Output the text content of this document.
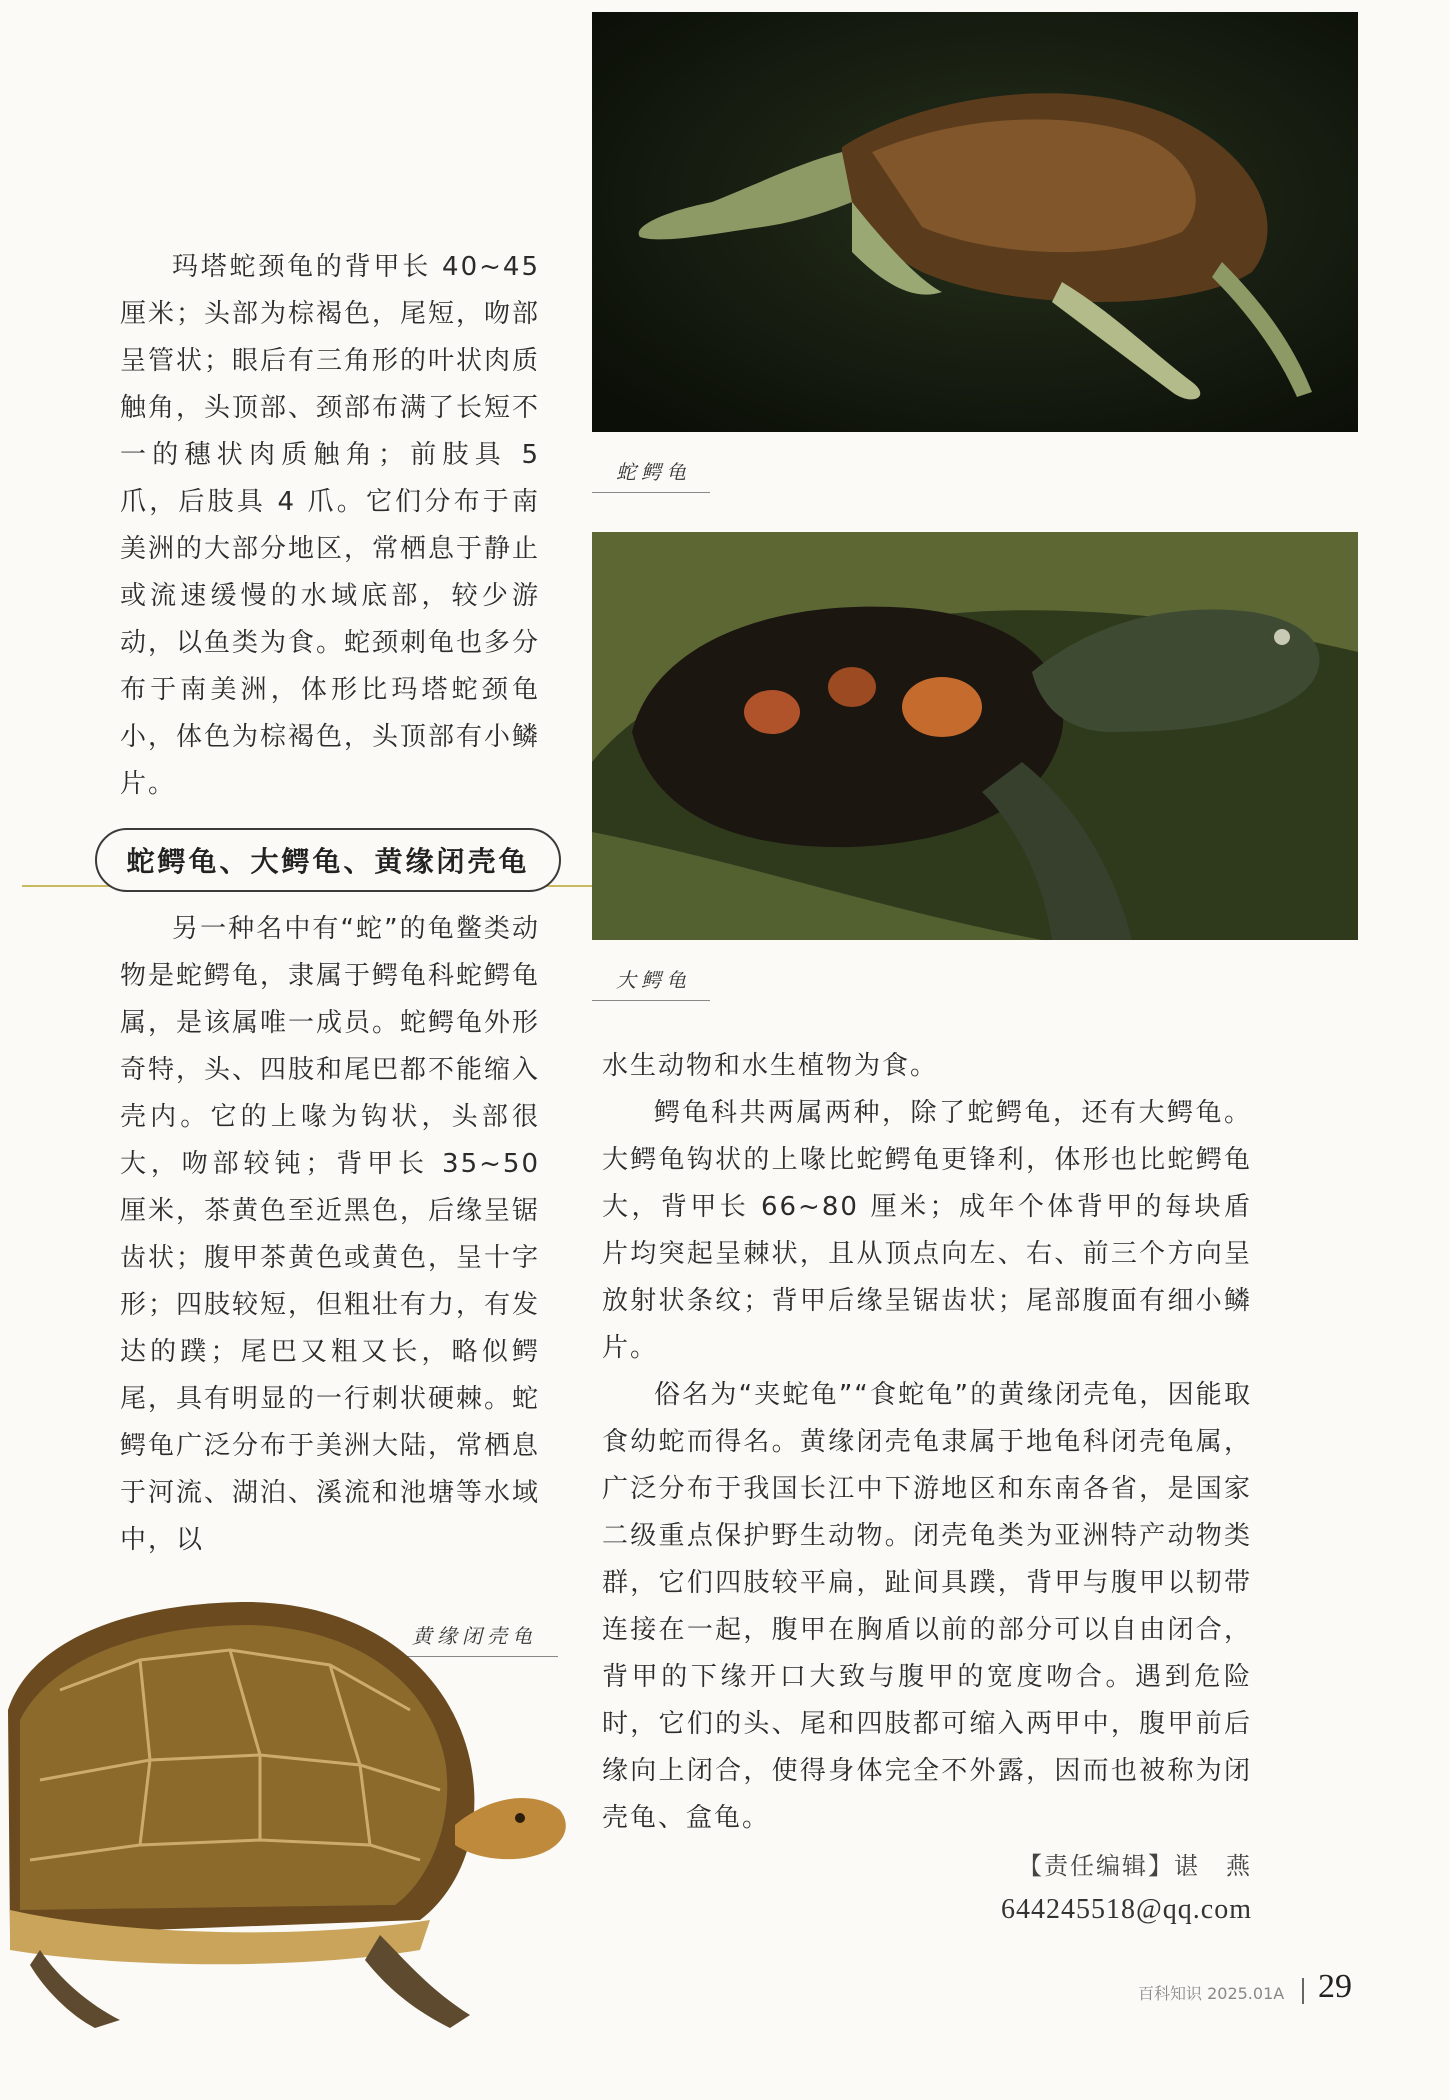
蛇鳄龟
大鳄龟

玛塔蛇颈龟的背甲长 40~45 厘米；头部为棕褐色，尾短，吻部呈管状；眼后有三角形的叶状肉质触角，头顶部、颈部布满了长短不一的穗状肉质触角；前肢具 5 爪，后肢具 4 爪。它们分布于南美洲的大部分地区，常栖息于静止或流速缓慢的水域底部，较少游动，以鱼类为食。蛇颈刺龟也多分布于南美洲，体形比玛塔蛇颈龟小，体色为棕褐色，头顶部有小鳞片。

蛇鳄龟、大鳄龟、黄缘闭壳龟

另一种名中有“蛇”的龟鳖类动物是蛇鳄龟，隶属于鳄龟科蛇鳄龟属，是该属唯一成员。蛇鳄龟外形奇特，头、四肢和尾巴都不能缩入壳内。它的上喙为钩状，头部很大，吻部较钝；背甲长 35~50 厘米，茶黄色至近黑色，后缘呈锯齿状；腹甲茶黄色或黄色，呈十字形；四肢较短，但粗壮有力，有发达的蹼；尾巴又粗又长，略似鳄尾，具有明显的一行刺状硬棘。蛇鳄龟广泛分布于美洲大陆，常栖息于河流、湖泊、溪流和池塘等水域中，以

黄缘闭壳龟

水生动物和水生植物为食。

鳄龟科共两属两种，除了蛇鳄龟，还有大鳄龟。大鳄龟钩状的上喙比蛇鳄龟更锋利，体形也比蛇鳄龟大，背甲长 66~80 厘米；成年个体背甲的每块盾片均突起呈棘状，且从顶点向左、右、前三个方向呈放射状条纹；背甲后缘呈锯齿状；尾部腹面有细小鳞片。

俗名为“夹蛇龟”“食蛇龟”的黄缘闭壳龟，因能取食幼蛇而得名。黄缘闭壳龟隶属于地龟科闭壳龟属，广泛分布于我国长江中下游地区和东南各省，是国家二级重点保护野生动物。闭壳龟类为亚洲特产动物类群，它们四肢较平扁，趾间具蹼，背甲与腹甲以韧带连接在一起，腹甲在胸盾以前的部分可以自由闭合，背甲的下缘开口大致与腹甲的宽度吻合。遇到危险时，它们的头、尾和四肢都可缩入两甲中，腹甲前后缘向上闭合，使得身体完全不外露，因而也被称为闭壳龟、盒龟。

【责任编辑】谌　燕
644245518@qq.com
百科知识 2025.01A 29
